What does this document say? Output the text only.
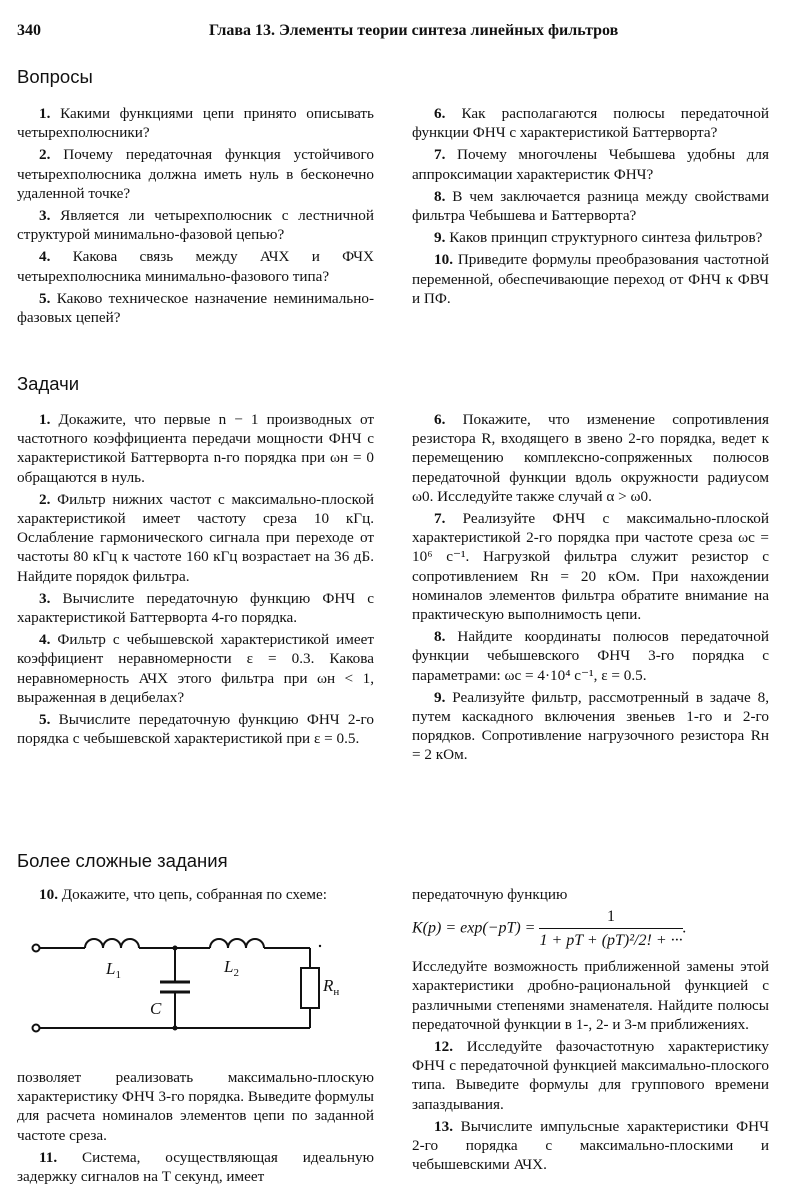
340	Глава 13. Элементы теории синтеза линейных фильтров
Вопросы

1. Какими функциями цепи принято описывать четырехполюсники?

2. Почему передаточная функция устойчивого четырехполюсника должна иметь нуль в бесконечно удаленной точке?

3. Является ли четырехполюсник с лестничной структурой минимально-фазовой цепью?

4. Какова связь между АЧХ и ФЧХ четырехполюсника минимально-фазового типа?

5. Каково техническое назначение неминимально-фазовых цепей?

6. Как располагаются полюсы передаточной функции ФНЧ с характеристикой Баттерворта?

7. Почему многочлены Чебышева удобны для аппроксимации характеристик ФНЧ?

8. В чем заключается разница между свойствами фильтра Чебышева и Баттерворта?

9. Каков принцип структурного синтеза фильтров?

10. Приведите формулы преобразования частотной переменной, обеспечивающие переход от ФНЧ к ФВЧ и ПФ.

Задачи

1. Докажите, что первые n − 1 производных от частотного коэффициента передачи мощности ФНЧ с характеристикой Баттерворта n-го порядка при ωн = 0 обращаются в нуль.

2. Фильтр нижних частот с максимально-плоской характеристикой имеет частоту среза 10 кГц. Ослабление гармонического сигнала при переходе от частоты 80 кГц к частоте 160 кГц возрастает на 36 дБ. Найдите порядок фильтра.

3. Вычислите передаточную функцию ФНЧ с характеристикой Баттерворта 4-го порядка.

4. Фильтр с чебышевской характеристикой имеет коэффициент неравномерности ε = 0.3. Какова неравномерность АЧХ этого фильтра при ωн < 1, выраженная в децибелах?

5. Вычислите передаточную функцию ФНЧ 2-го порядка с чебышевской характеристикой при ε = 0.5.

6. Покажите, что изменение сопротивления резистора R, входящего в звено 2-го порядка, ведет к перемещению комплексно-сопряженных полюсов передаточной функции вдоль окружности радиусом ω0. Исследуйте также случай α > ω0.

7. Реализуйте ФНЧ с максимально-плоской характеристикой 2-го порядка при частоте среза ωc = 10⁶ с⁻¹. Нагрузкой фильтра служит резистор с сопротивлением Rн = 20 кОм. При нахождении номиналов элементов фильтра обратите внимание на практическую выполнимость цепи.

8. Найдите координаты полюсов передаточной функции чебышевского ФНЧ 3-го порядка с параметрами: ωc = 4·10⁴ с⁻¹, ε = 0.5.

9. Реализуйте фильтр, рассмотренный в задаче 8, путем каскадного включения звеньев 1-го и 2-го порядков. Сопротивление нагрузочного резистора Rн = 2 кОм.

Более сложные задания

10. Докажите, что цепь, собранная по схеме:

$L_1$	$L_2$
C
$R_н$

позволяет реализовать максимально-плоскую характеристику ФНЧ 3-го порядка. Выведите формулы для расчета номиналов элементов цепи по заданной частоте среза.

11. Система, осуществляющая идеальную задержку сигналов на T секунд, имеет

передаточную функцию

$K(p) = \exp(-pT) = \frac{1}{\text{1 + pT + (pT)²/2! + ···}}$ .

Исследуйте возможность приближенной замены этой характеристики дробно-рациональной функцией с различными степенями знаменателя. Найдите полюсы передаточной функции в 1-, 2- и 3-м приближениях.

12. Исследуйте фазочастотную характеристику ФНЧ с передаточной функцией максимально-плоского типа. Выведите формулы для группового времени запаздывания.

13. Вычислите импульсные характеристики ФНЧ 2-го порядка с максимально-плоскими и чебышевскими АЧХ.
